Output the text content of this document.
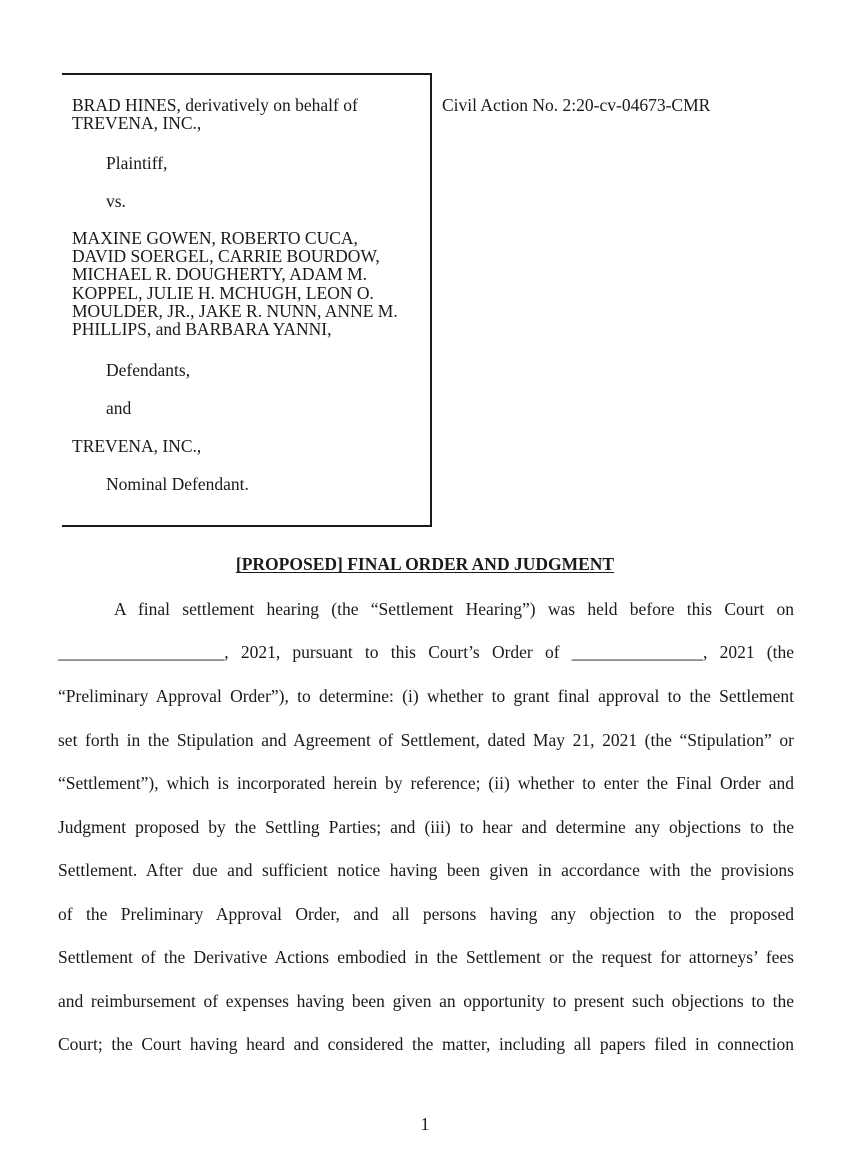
BRAD HINES, derivatively on behalf of
TREVENA, INC.,
Plaintiff,
vs.
MAXINE GOWEN, ROBERTO CUCA,
DAVID SOERGEL, CARRIE BOURDOW,
MICHAEL R. DOUGHERTY, ADAM M.
KOPPEL, JULIE H. MCHUGH, LEON O.
MOULDER, JR., JAKE R. NUNN, ANNE M.
PHILLIPS, and BARBARA YANNI,
Defendants,
and
TREVENA, INC.,
Nominal Defendant.
Civil Action No. 2:20-cv-04673-CMR
[PROPOSED] FINAL ORDER AND JUDGMENT
A final settlement hearing (the “Settlement Hearing”) was held before this Court on
___________________, 2021, pursuant to this Court’s Order of _______________, 2021 (the
“Preliminary Approval Order”), to determine: (i) whether to grant final approval to the Settlement
set forth in the Stipulation and Agreement of Settlement, dated May 21, 2021 (the “Stipulation” or
“Settlement”), which is incorporated herein by reference; (ii) whether to enter the Final Order and
Judgment proposed by the Settling Parties; and (iii) to hear and determine any objections to the
Settlement. After due and sufficient notice having been given in accordance with the provisions
of the Preliminary Approval Order, and all persons having any objection to the proposed
Settlement of the Derivative Actions embodied in the Settlement or the request for attorneys’ fees
and reimbursement of expenses having been given an opportunity to present such objections to the
Court; the Court having heard and considered the matter, including all papers filed in connection
1
